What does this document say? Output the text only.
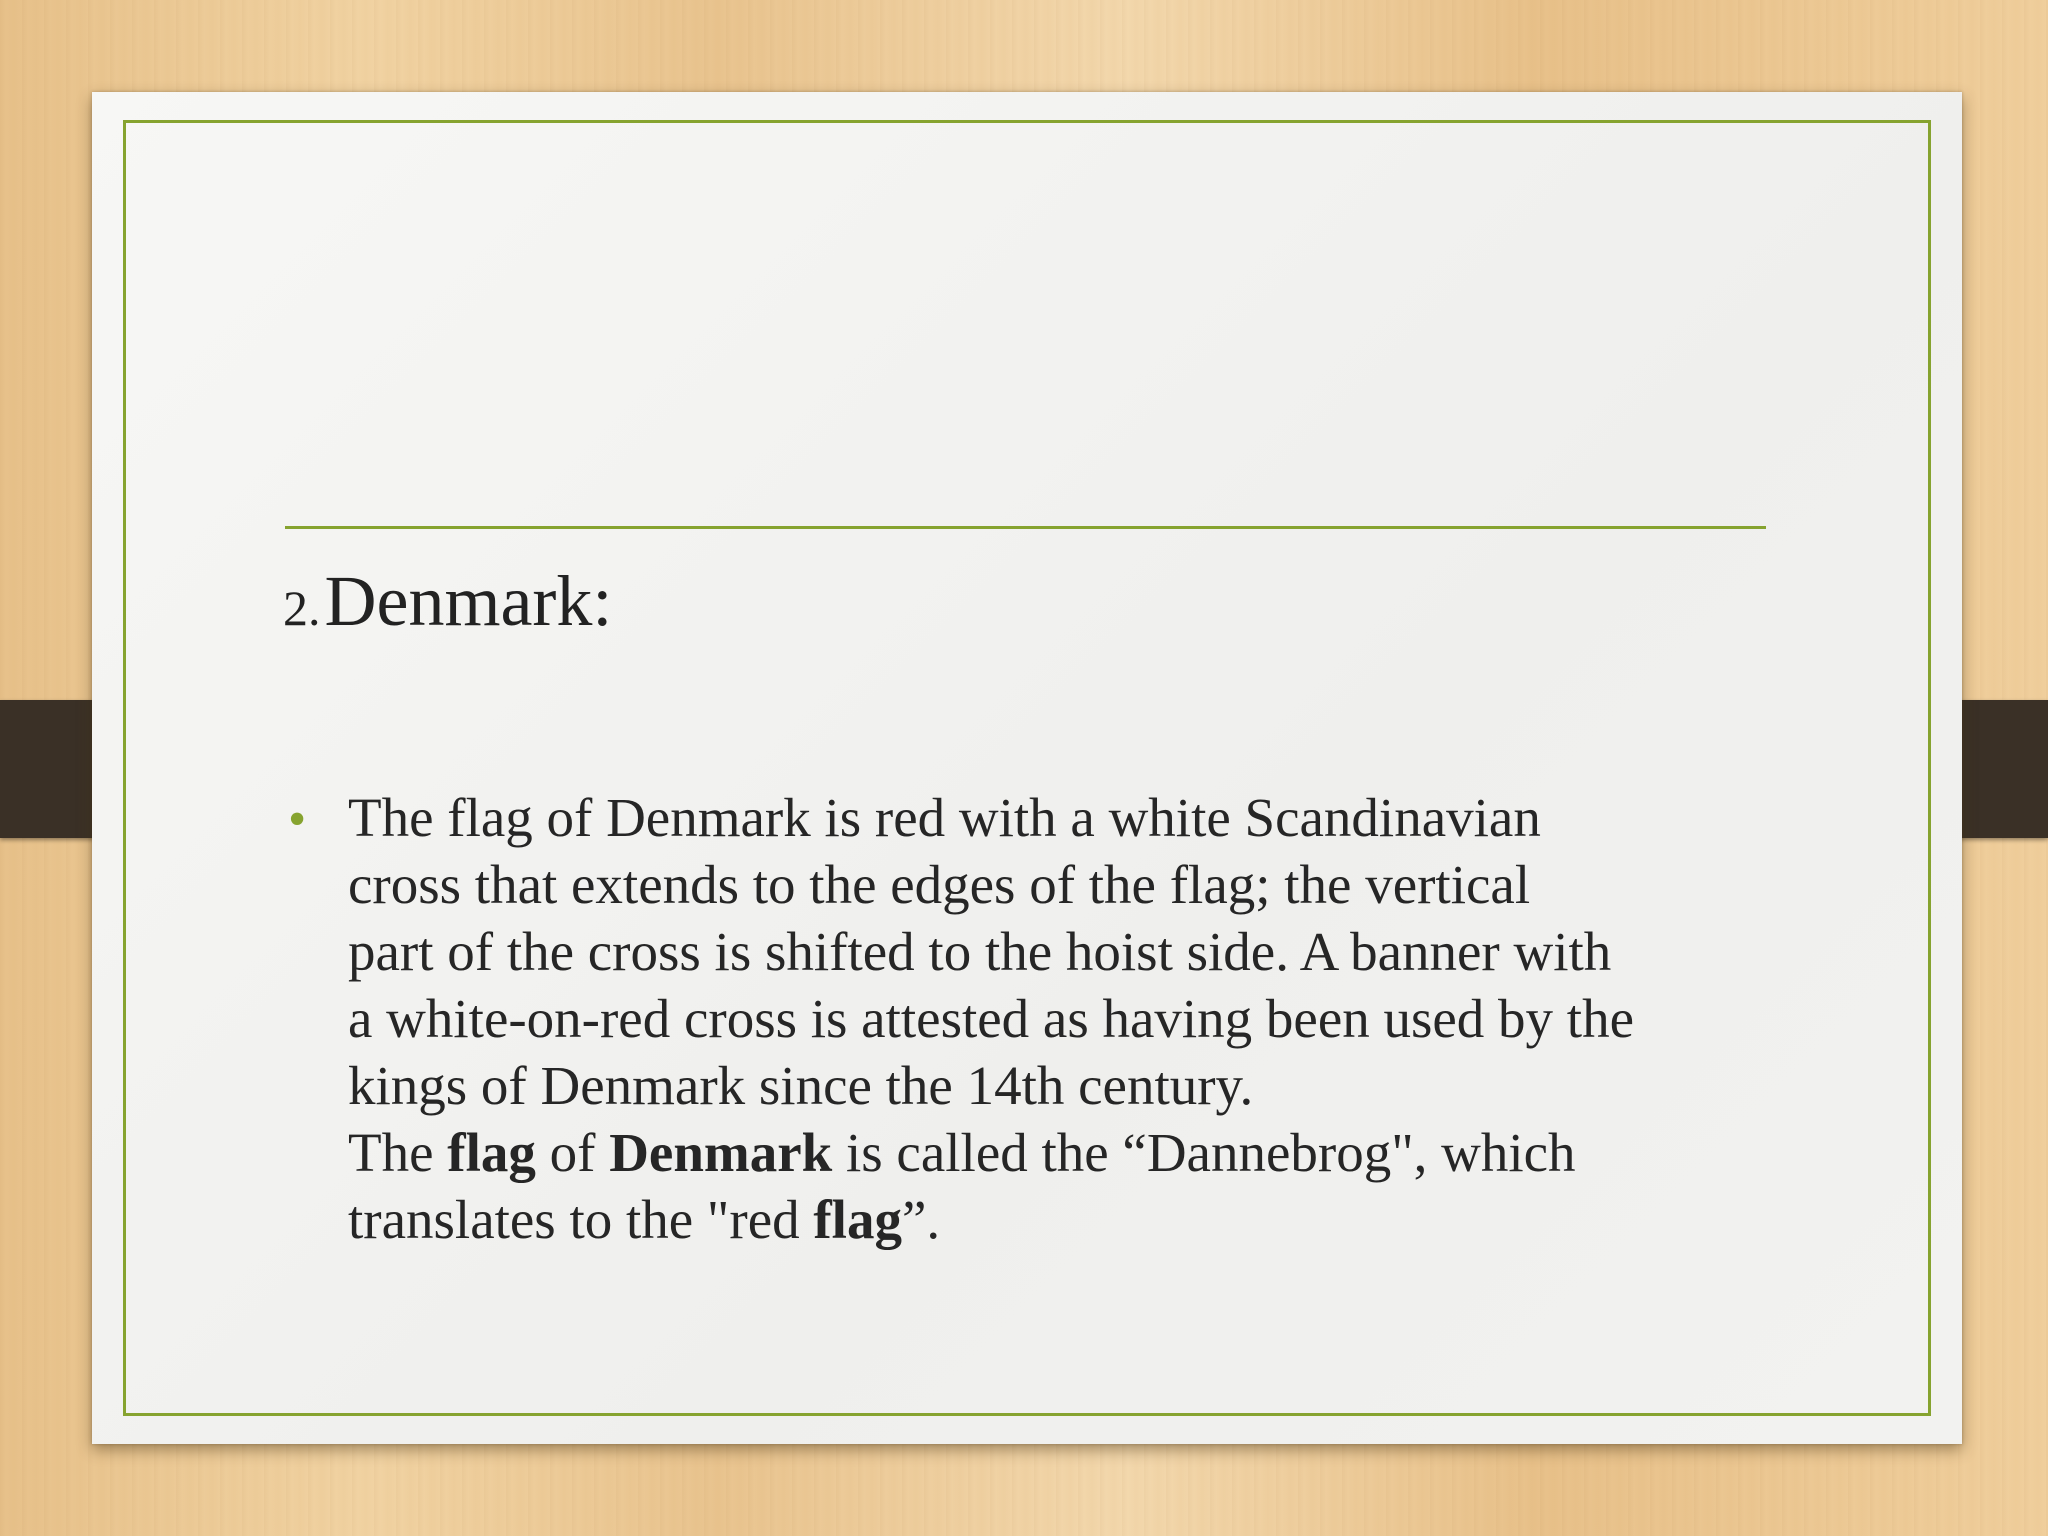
2. Denmark:
• The flag of Denmark is red with a white Scandinavian
cross that extends to the edges of the flag; the vertical
part of the cross is shifted to the hoist side. A banner with
a white-on-red cross is attested as having been used by the
kings of Denmark since the 14th century.
The flag of Denmark is called the “Dannebrog", which
translates to the "red flag”.
